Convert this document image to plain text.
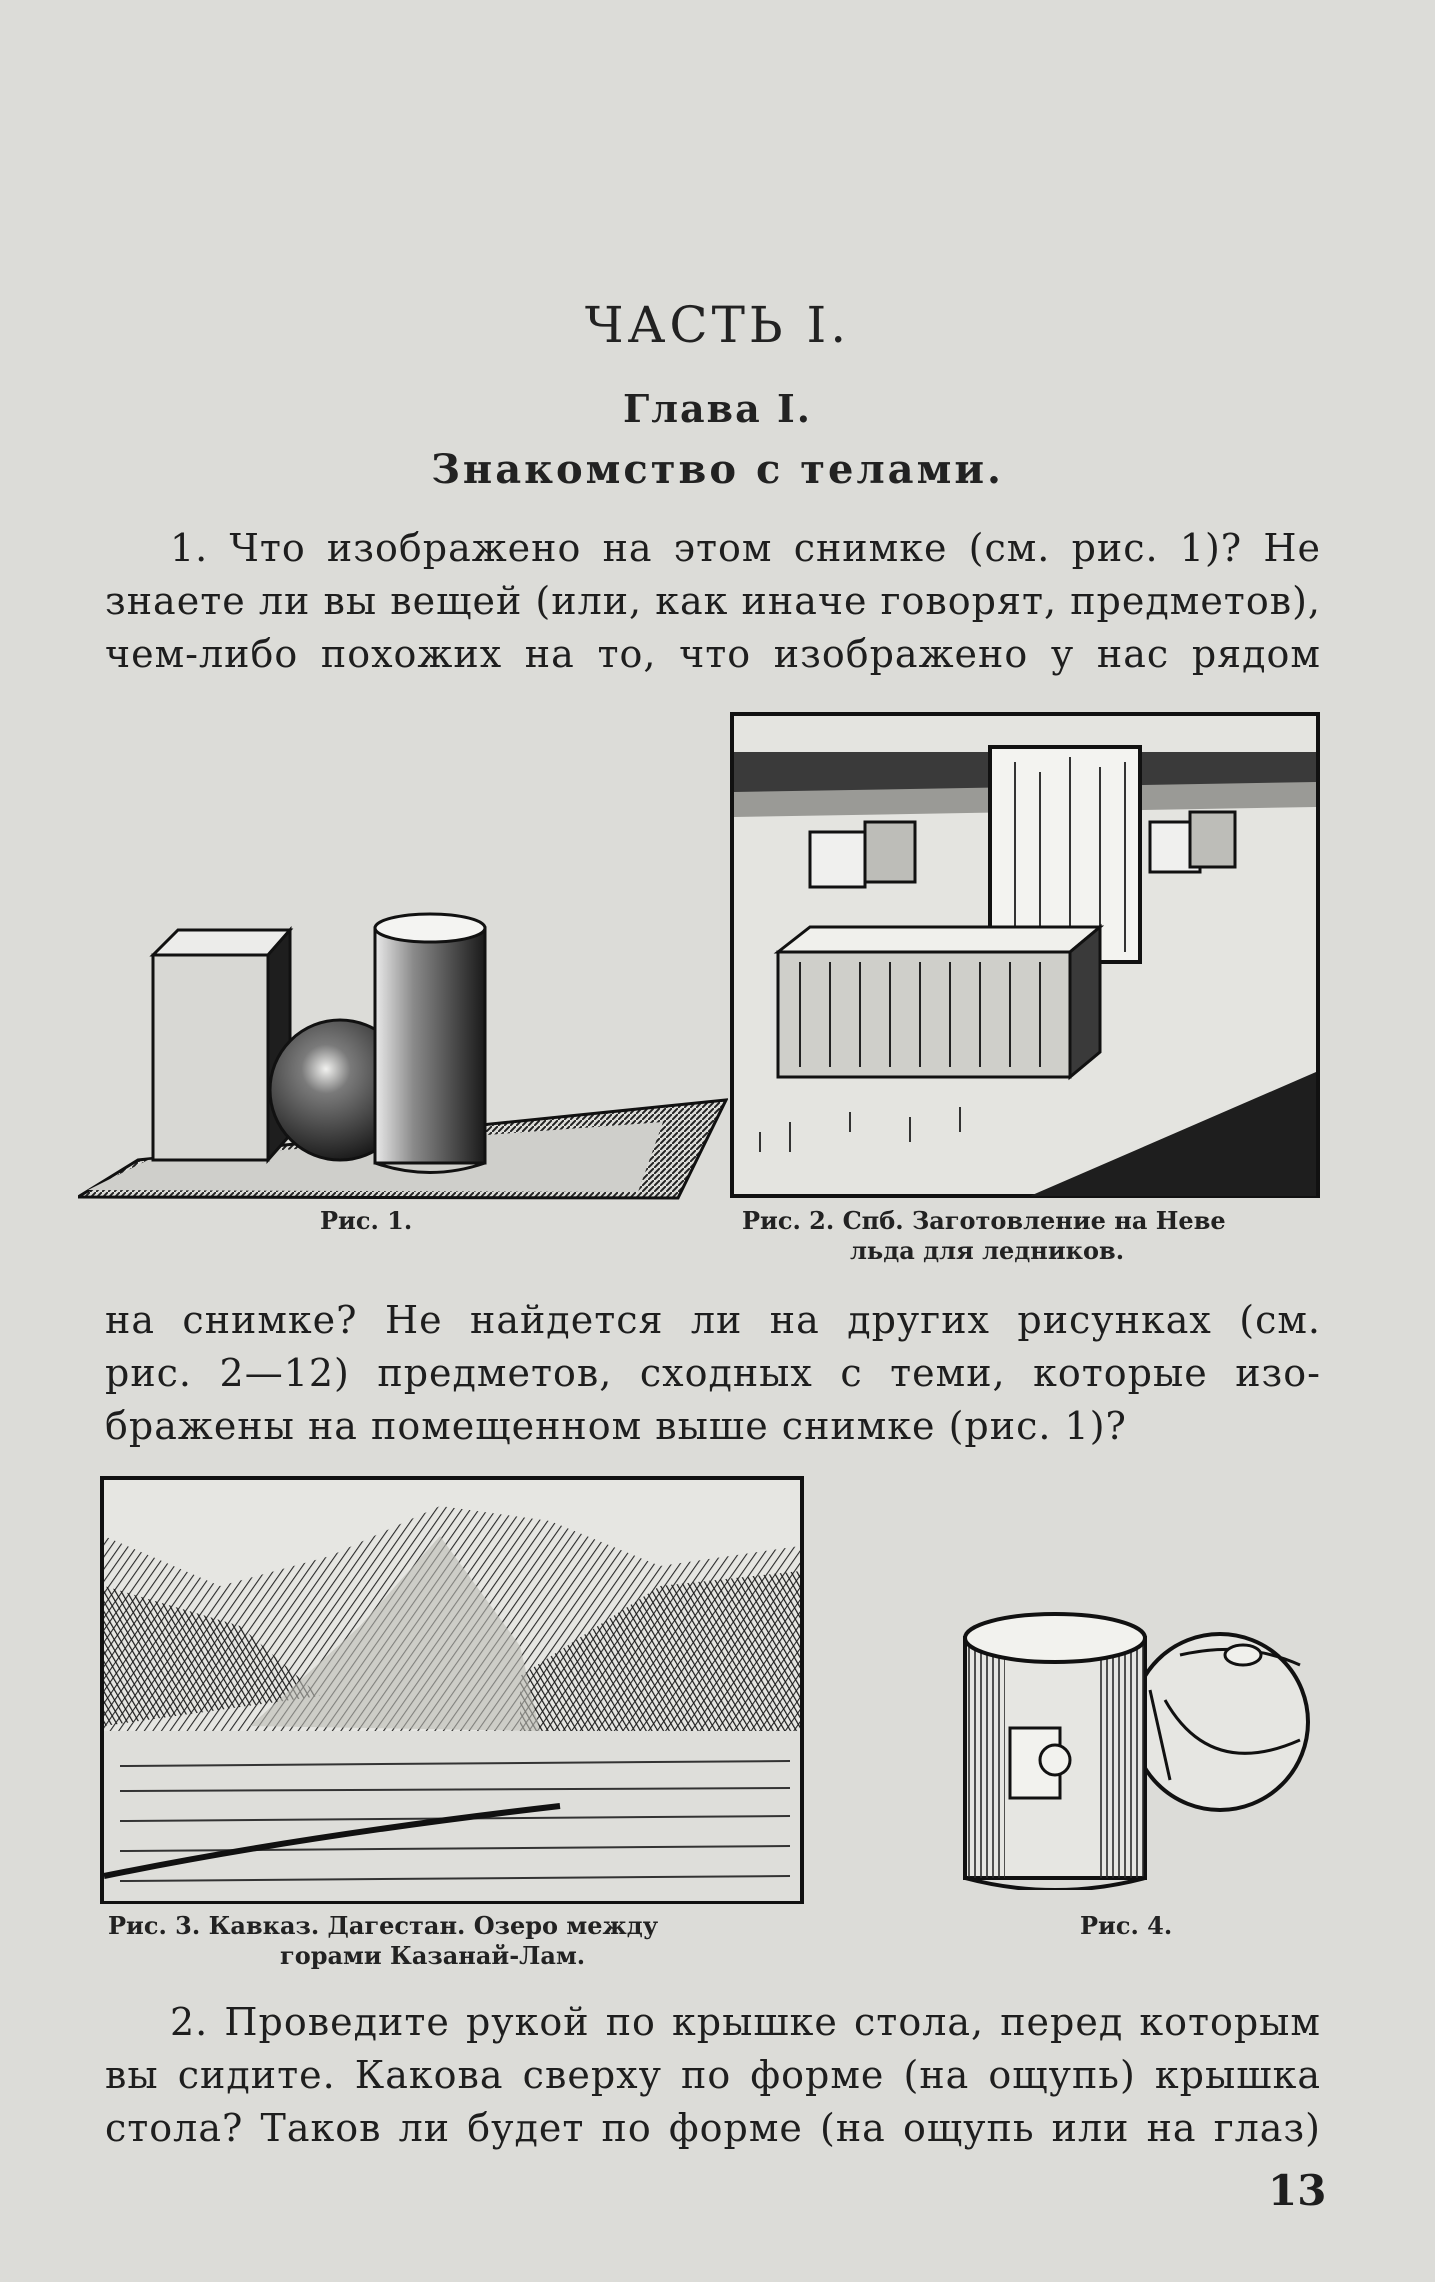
ЧАСТЬ I.
Глава I.
Знакомство с телами.
1. Что изображено на этом снимке (см. рис. 1)? Не
знаете ли вы вещей (или, как иначе говорят, предметов),
чем-либо похожих на то, что изображено у нас рядом
Рис. 1.	Рис. 2. Спб. Заготовление на Неве
льда для ледников.
на снимке? Не найдется ли на других рисунках (см.
рис. 2—12) предметов, сходных с теми, которые изо-
бражены на помещенном выше снимке (рис. 1)?
Рис. 3. Кавказ. Дагестан. Озеро между
горами Казанай-Лам.
Рис. 4.
2. Проведите рукой по крышке стола, перед которым
вы сидите. Какова сверху по форме (на ощупь) крышка
стола? Таков ли будет по форме (на ощупь или на глаз)
13
